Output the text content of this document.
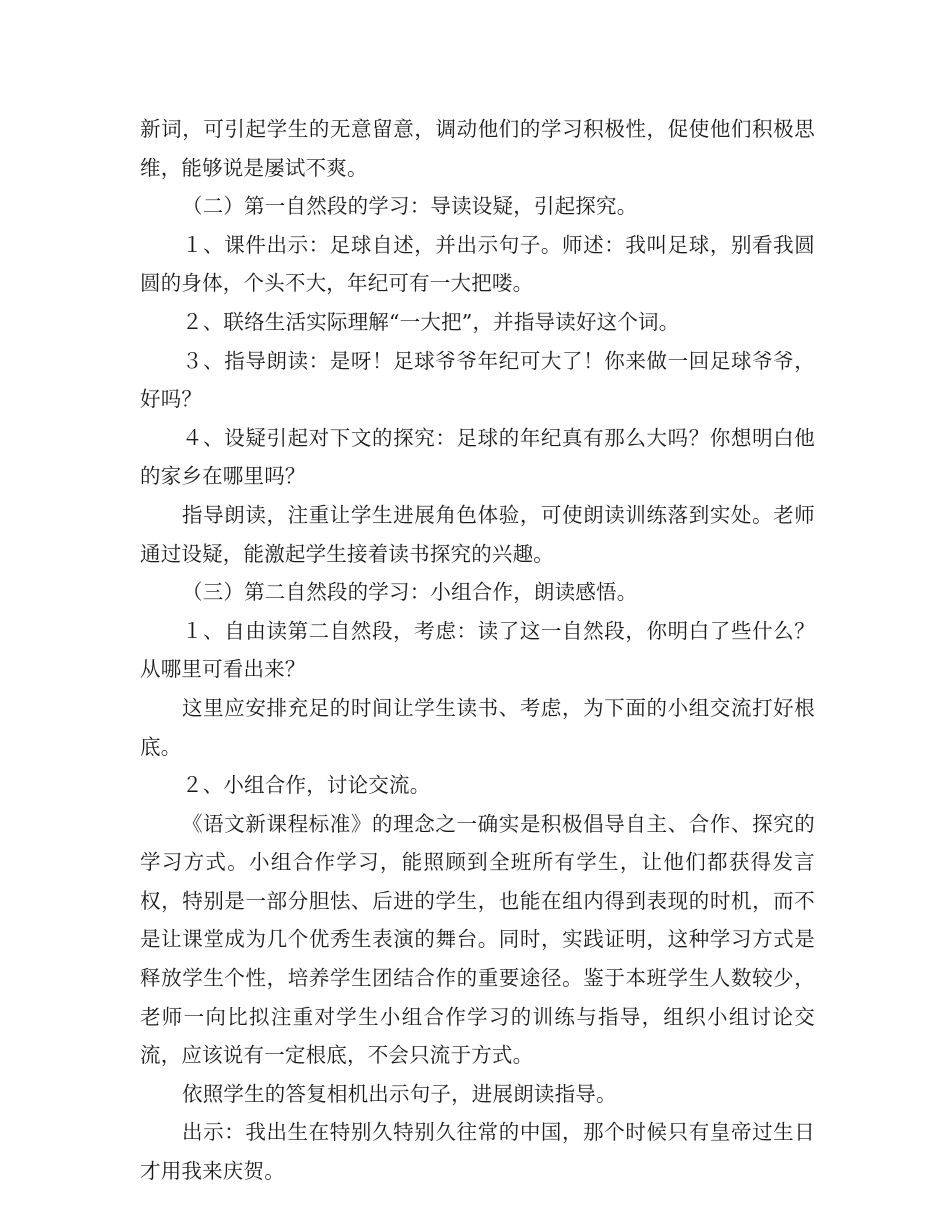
新词，可引起学生的无意留意，调动他们的学习积极性，促使他们积极思维，能够说是屡试不爽。

（二）第一自然段的学习：导读设疑，引起探究。

１、课件出示：足球自述，并出示句子。师述：我叫足球，别看我圆圆的身体，个头不大，年纪可有一大把喽。

２、联络生活实际理解“一大把”，并指导读好这个词。

３、指导朗读：是呀！足球爷爷年纪可大了！你来做一回足球爷爷，好吗？

４、设疑引起对下文的探究：足球的年纪真有那么大吗？你想明白他的家乡在哪里吗？

指导朗读，注重让学生进展角色体验，可使朗读训练落到实处。老师通过设疑，能激起学生接着读书探究的兴趣。

（三）第二自然段的学习：小组合作，朗读感悟。

１、自由读第二自然段，考虑：读了这一自然段，你明白了些什么？从哪里可看出来？

这里应安排充足的时间让学生读书、考虑，为下面的小组交流打好根底。

２、小组合作，讨论交流。

《语文新课程标准》的理念之一确实是积极倡导自主、合作、探究的学习方式。小组合作学习，能照顾到全班所有学生，让他们都获得发言权，特别是一部分胆怯、后进的学生，也能在组内得到表现的时机，而不是让课堂成为几个优秀生表演的舞台。同时，实践证明，这种学习方式是释放学生个性，培养学生团结合作的重要途径。鉴于本班学生人数较少，老师一向比拟注重对学生小组合作学习的训练与指导，组织小组讨论交流，应该说有一定根底，不会只流于方式。

依照学生的答复相机出示句子，进展朗读指导。

出示：我出生在特别久特别久往常的中国，那个时候只有皇帝过生日才用我来庆贺。
